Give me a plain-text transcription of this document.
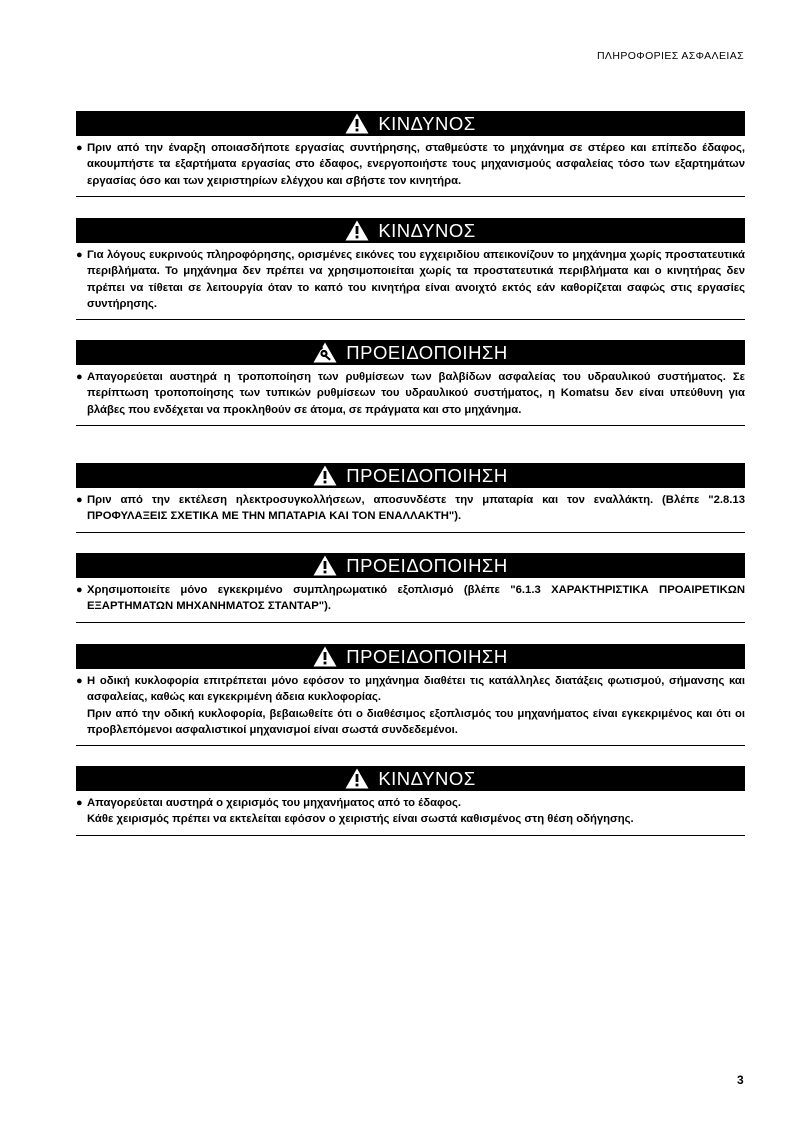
ΠΛΗΡΟΦΟΡΙΕΣ ΑΣΦΑΛΕΙΑΣ
ΚΙΝΔΥΝΟΣ
● Πριν από την έναρξη οποιασδήποτε εργασίας συντήρησης, σταθμεύστε το μηχάνημα σε στέρεο και επίπεδο έδαφος, ακουμπήστε τα εξαρτήματα εργασίας στο έδαφος, ενεργοποιήστε τους μηχανισμούς ασφαλείας τόσο των εξαρτημάτων εργασίας όσο και των χειριστηρίων ελέγχου και σβήστε τον κινητήρα.
ΚΙΝΔΥΝΟΣ
● Για λόγους ευκρινούς πληροφόρησης, ορισμένες εικόνες του εγχειριδίου απεικονίζουν το μηχάνημα χωρίς προστατευτικά περιβλήματα. Το μηχάνημα δεν πρέπει να χρησιμοποιείται χωρίς τα προστατευτικά περιβλήματα και ο κινητήρας δεν πρέπει να τίθεται σε λειτουργία όταν το καπό του κινητήρα είναι ανοιχτό εκτός εάν καθορίζεται σαφώς στις εργασίες συντήρησης.
ΠΡΟΕΙΔΟΠΟΙΗΣΗ
● Απαγορεύεται αυστηρά η τροποποίηση των ρυθμίσεων των βαλβίδων ασφαλείας του υδραυλικού συστήματος. Σε περίπτωση τροποποίησης των τυπικών ρυθμίσεων του υδραυλικού συστήματος, η Komatsu δεν είναι υπεύθυνη για βλάβες που ενδέχεται να προκληθούν σε άτομα, σε πράγματα και στο μηχάνημα.
ΠΡΟΕΙΔΟΠΟΙΗΣΗ
● Πριν από την εκτέλεση ηλεκτροσυγκολλήσεων, αποσυνδέστε την μπαταρία και τον εναλλάκτη. (Βλέπε "2.8.13 ΠΡΟΦΥΛΑΞΕΙΣ ΣΧΕΤΙΚΑ ΜΕ ΤΗΝ ΜΠΑΤΑΡΙΑ ΚΑΙ ΤΟΝ ΕΝΑΛΛΑΚΤΗ").
ΠΡΟΕΙΔΟΠΟΙΗΣΗ
● Χρησιμοποιείτε μόνο εγκεκριμένο συμπληρωματικό εξοπλισμό (βλέπε "6.1.3 ΧΑΡΑΚΤΗΡΙΣΤΙΚΑ ΠΡΟΑΙΡΕΤΙΚΩΝ ΕΞΑΡΤΗΜΑΤΩΝ ΜΗΧΑΝΗΜΑΤΟΣ ΣΤΑΝΤΑΡ").
ΠΡΟΕΙΔΟΠΟΙΗΣΗ
● Η οδική κυκλοφορία επιτρέπεται μόνο εφόσον το μηχάνημα διαθέτει τις κατάλληλες διατάξεις φωτισμού, σήμανσης και ασφαλείας, καθώς και εγκεκριμένη άδεια κυκλοφορίας.
Πριν από την οδική κυκλοφορία, βεβαιωθείτε ότι ο διαθέσιμος εξοπλισμός του μηχανήματος είναι εγκεκριμένος και ότι οι προβλεπόμενοι ασφαλιστικοί μηχανισμοί είναι σωστά συνδεδεμένοι.
ΚΙΝΔΥΝΟΣ
● Απαγορεύεται αυστηρά ο χειρισμός του μηχανήματος από το έδαφος.
Κάθε χειρισμός πρέπει να εκτελείται εφόσον ο χειριστής είναι σωστά καθισμένος στη θέση οδήγησης.
3
